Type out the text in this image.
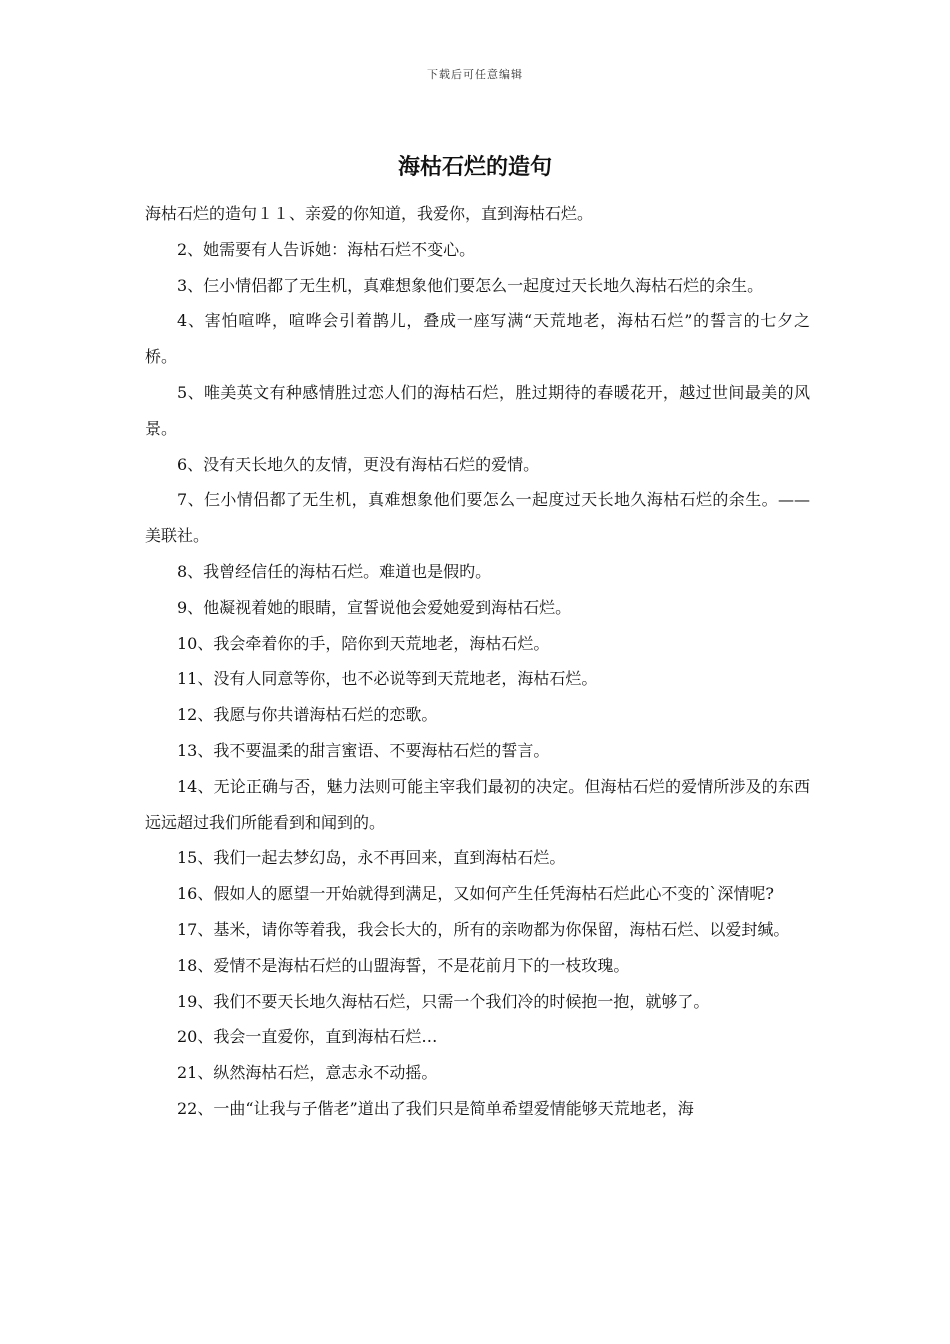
下载后可任意编辑
海枯石烂的造句

海枯石烂的造句１１、亲爱的你知道，我爱你，直到海枯石烂。

2、她需要有人告诉她：海枯石烂不变心。

3、仨小情侣都了无生机，真难想象他们要怎么一起度过天长地久海枯石烂的余生。

4、害怕喧哗，喧哗会引着鹊儿，叠成一座写满“天荒地老，海枯石烂”的誓言的七夕之桥。

5、唯美英文有种感情胜过恋人们的海枯石烂，胜过期待的春暖花开，越过世间最美的风景。

6、没有天长地久的友情，更没有海枯石烂的爱情。

7、仨小情侣都了无生机，真难想象他们要怎么一起度过天长地久海枯石烂的余生。——美联社。

8、我曾经信任的海枯石烂。难道也是假旳。

9、他凝视着她的眼睛，宣誓说他会爱她爱到海枯石烂。

10、我会牵着你的手，陪你到天荒地老，海枯石烂。

11、没有人同意等你，也不必说等到天荒地老，海枯石烂。

12、我愿与你共谱海枯石烂的恋歌。

13、我不要温柔的甜言蜜语、不要海枯石烂的誓言。

14、无论正确与否，魅力法则可能主宰我们最初的决定。但海枯石烂的爱情所涉及的东西远远超过我们所能看到和闻到的。

15、我们一起去梦幻岛，永不再回来，直到海枯石烂。

16、假如人的愿望一开始就得到满足，又如何产生任凭海枯石烂此心不变的`深情呢?

17、基米，请你等着我，我会长大的，所有的亲吻都为你保留，海枯石烂、以爱封缄。

18、爱情不是海枯石烂的山盟海誓，不是花前月下的一枝玫瑰。

19、我们不要天长地久海枯石烂，只需一个我们冷的时候抱一抱，就够了。

20、我会一直爱你，直到海枯石烂…

21、纵然海枯石烂，意志永不动摇。

22、一曲“让我与子偕老”道出了我们只是简单希望爱情能够天荒地老，海
